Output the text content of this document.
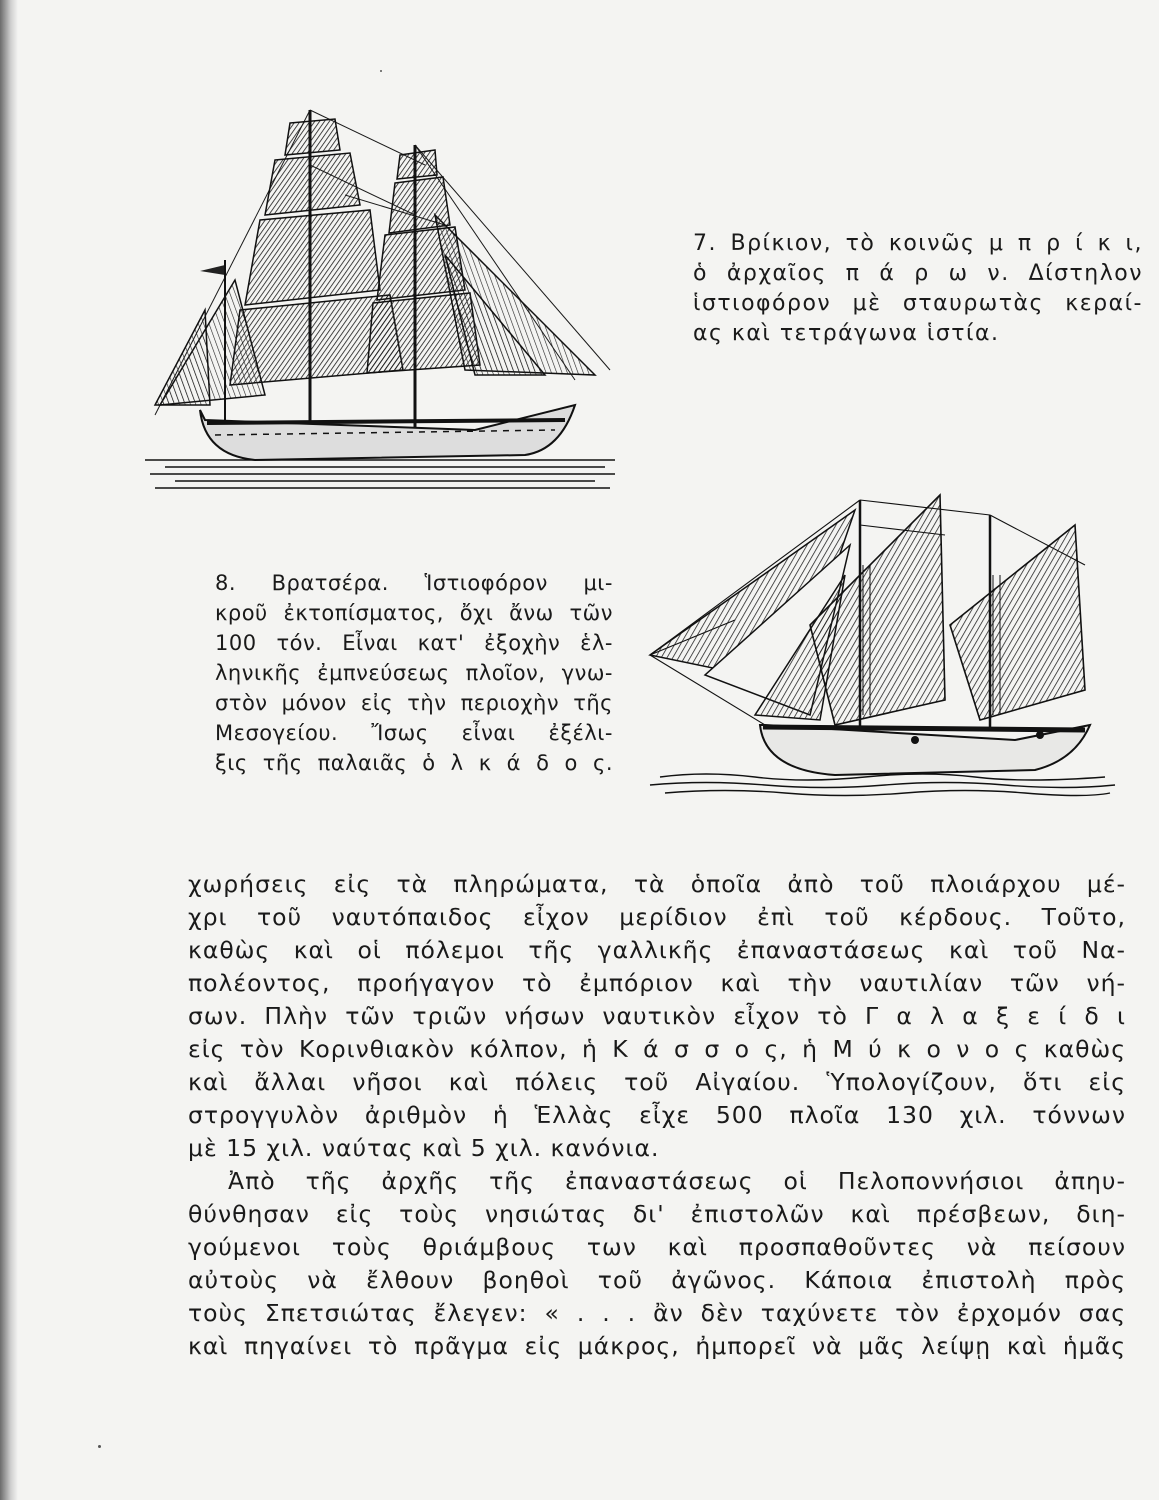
7. Βρίκιον, τὸ κοινῶς μ π ρ ί κ ι,
ὁ ἀρχαῖος π ά ρ ω ν. Δίστηλον
ἱστιοφόρον μὲ σταυρωτὰς κεραί-
ας καὶ τετράγωνα ἱστία.
8. Βρατσέρα. Ἱστιοφόρον μι-
κροῦ ἐκτοπίσματος, ὄχι ἄνω τῶν
100 τόν. Εἶναι κατ' ἐξοχὴν ἑλ-
ληνικῆς ἐμπνεύσεως πλοῖον, γνω-
στὸν μόνον εἰς τὴν περιοχὴν τῆς
Μεσογείου. Ἴσως εἶναι ἐξέλι-
ξις τῆς παλαιᾶς ὁ λ κ ά δ ο ς.
χωρήσεις εἰς τὰ πληρώματα, τὰ ὁποῖα ἀπὸ τοῦ πλοιάρχου μέ-
χρι τοῦ ναυτόπαιδος εἶχον μερίδιον ἐπὶ τοῦ κέρδους. Τοῦτο,
καθὼς καὶ οἱ πόλεμοι τῆς γαλλικῆς ἐπαναστάσεως καὶ τοῦ Να-
πολέοντος, προήγαγον τὸ ἐμπόριον καὶ τὴν ναυτιλίαν τῶν νή-
σων. Πλὴν τῶν τριῶν νήσων ναυτικὸν εἶχον τὸ Γ α λ α ξ ε ί δ ι
εἰς τὸν Κορινθιακὸν κόλπον, ἡ Κ ά σ σ ο ς, ἡ Μ ύ κ ο ν ο ς καθὼς
καὶ ἄλλαι νῆσοι καὶ πόλεις τοῦ Αἰγαίου. Ὑπολογίζουν, ὅτι εἰς
στρογγυλὸν ἀριθμὸν ἡ Ἑλλὰς εἶχε 500 πλοῖα 130 χιλ. τόννων
μὲ 15 χιλ. ναύτας καὶ 5 χιλ. κανόνια.
Ἀπὸ τῆς ἀρχῆς τῆς ἐπαναστάσεως οἱ Πελοποννήσιοι ἀπηυ-
θύνθησαν εἰς τοὺς νησιώτας δι' ἐπιστολῶν καὶ πρέσβεων, διη-
γούμενοι τοὺς θριάμβους των καὶ προσπαθοῦντες νὰ πείσουν
αὐτοὺς νὰ ἔλθουν βοηθοὶ τοῦ ἀγῶνος. Κάποια ἐπιστολὴ πρὸς
τοὺς Σπετσιώτας ἔλεγεν: « . . . ἂν δὲν ταχύνετε τὸν ἐρχομόν σας
καὶ πηγαίνει τὸ πρᾶγμα εἰς μάκρος, ἠμπορεῖ νὰ μᾶς λείψῃ καὶ ἡμᾶς
